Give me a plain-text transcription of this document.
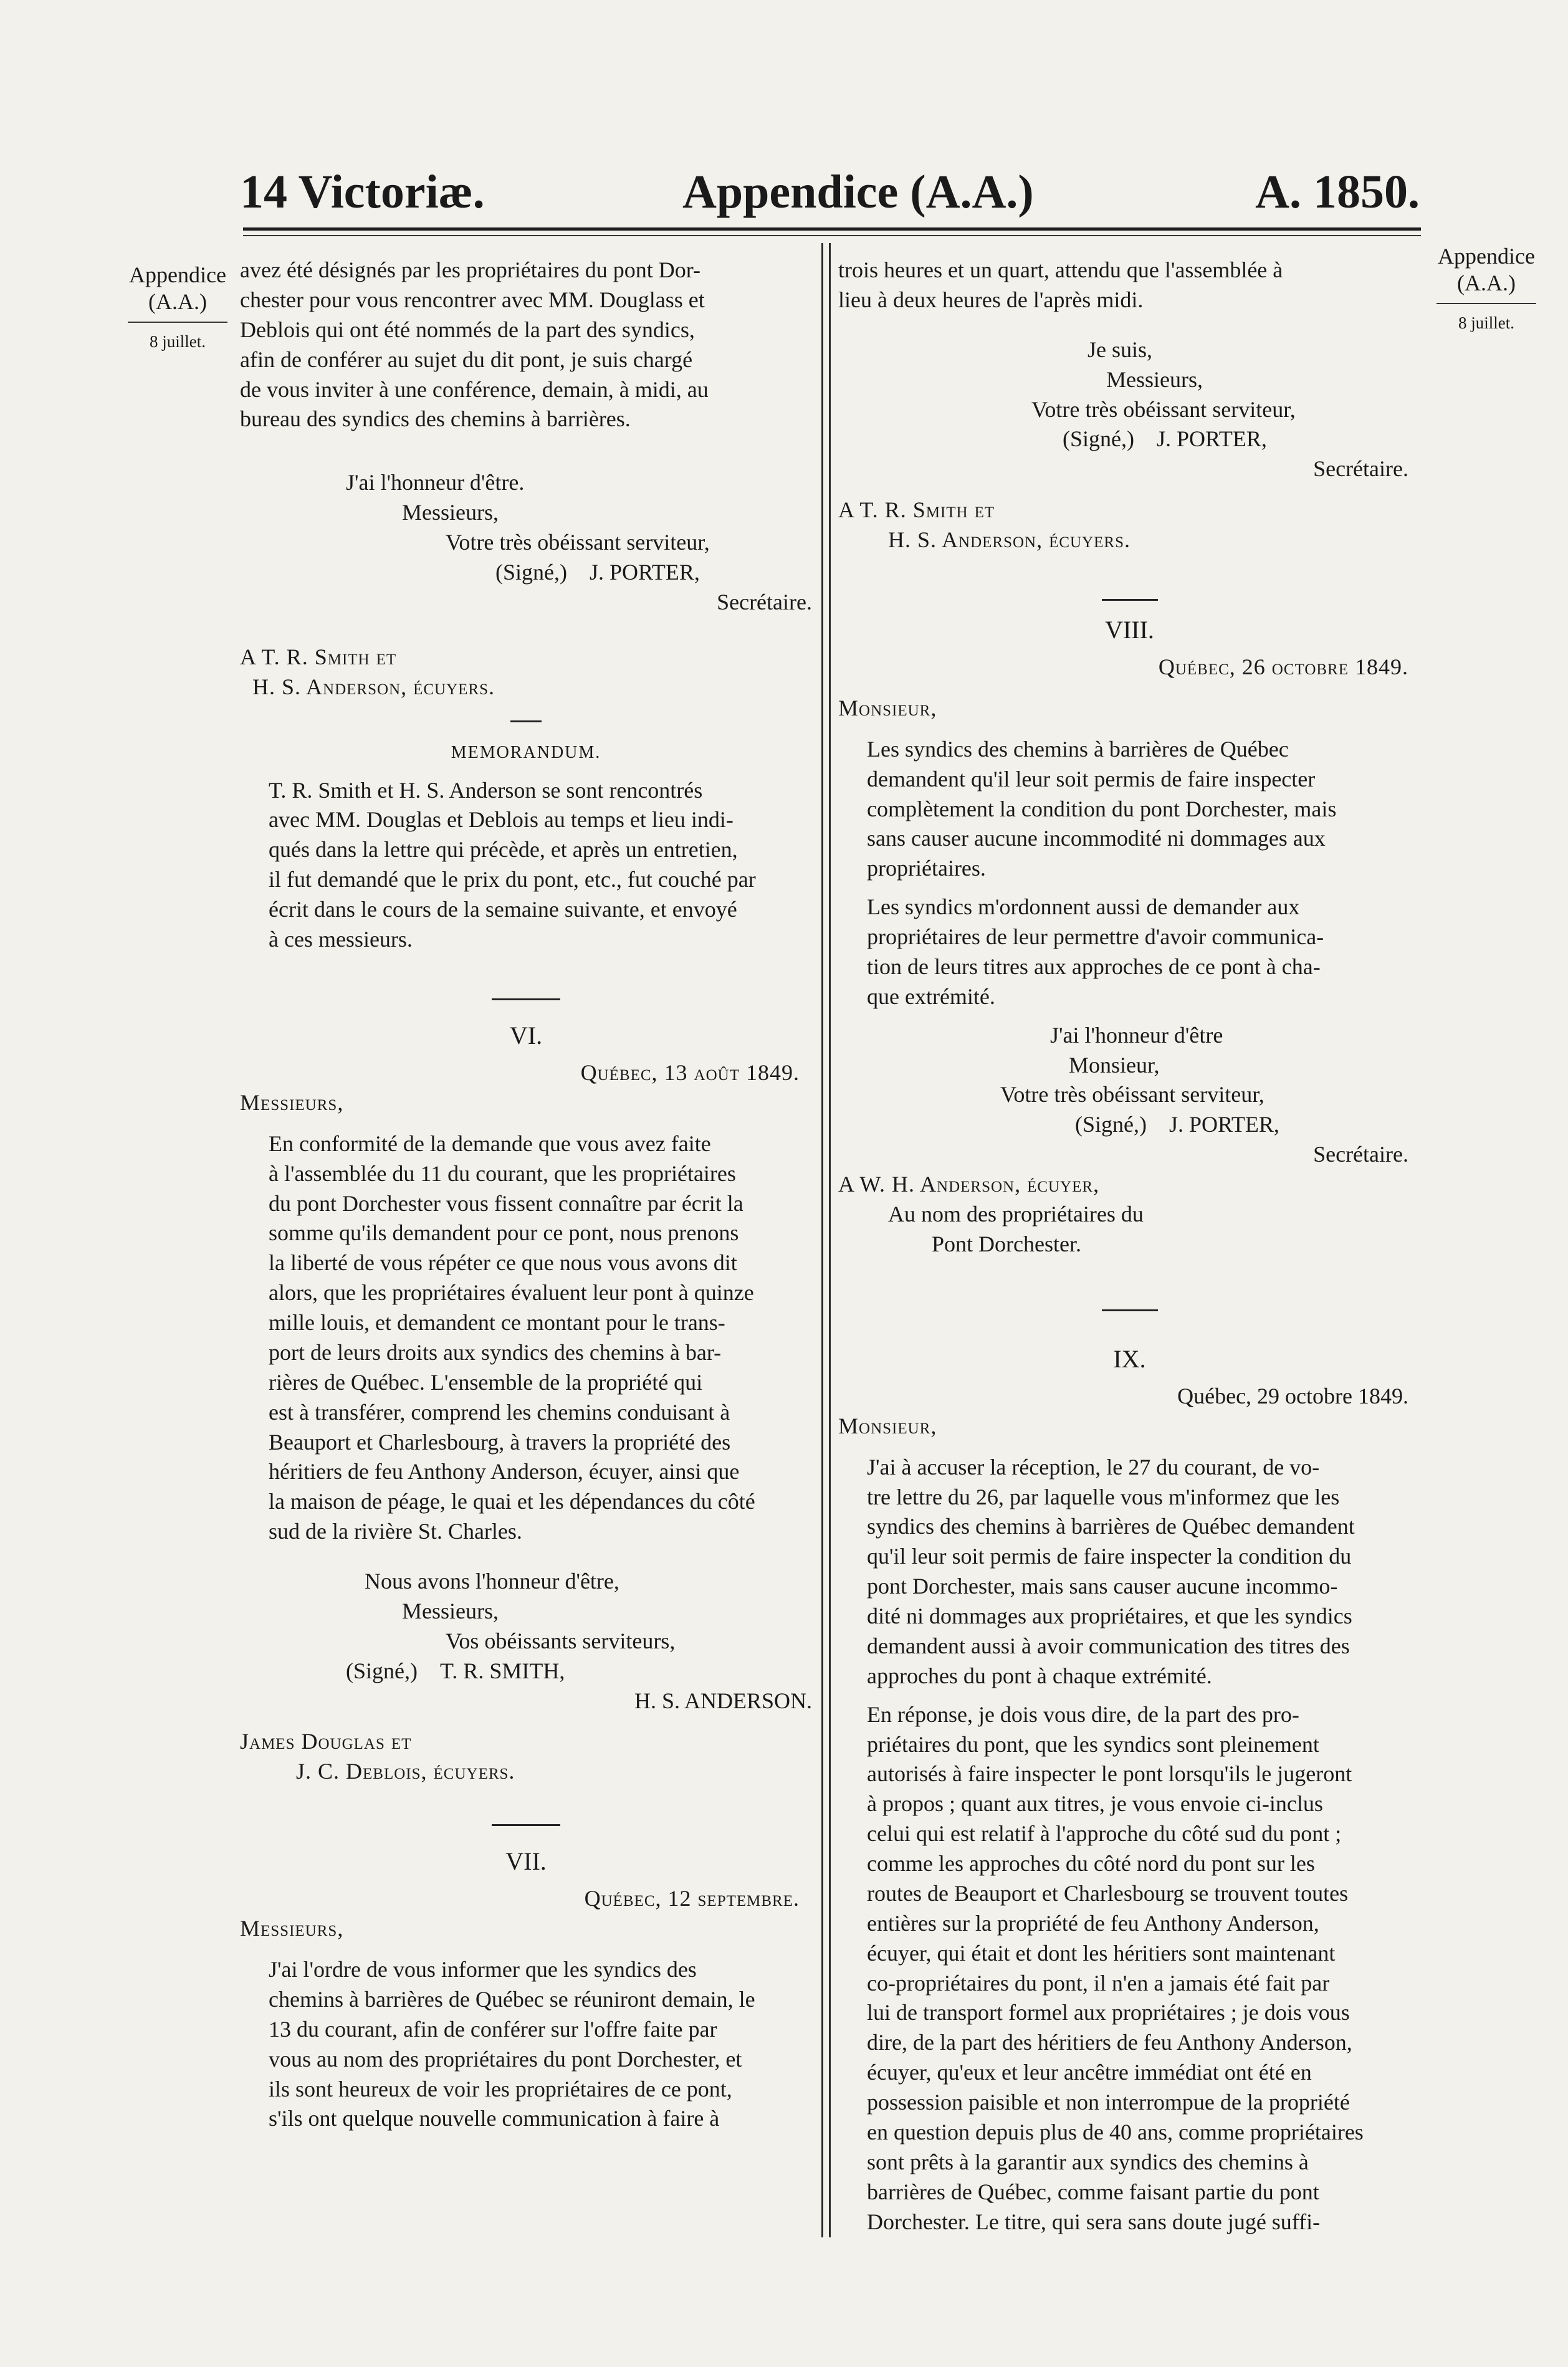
14 Victoriæ.	Appendice (A.A.)	A. 1850.
Appendice
(A.A.)
8 juillet.
Appendice
(A.A.)
8 juillet.

avez été désignés par les propriétaires du pont Dor-
chester pour vous rencontrer avec MM. Douglass et
Deblois qui ont été nommés de la part des syndics,
afin de conférer au sujet du dit pont, je suis chargé
de vous inviter à une conférence, demain, à midi, au
bureau des syndics des chemins à barrières.

J'ai l'honneur d'être.
Messieurs,
Votre très obéissant serviteur,
(Signé,) J. PORTER,
Secrétaire.
A T. R. Smith et
H. S. Anderson, écuyers.
MEMORANDUM.

T. R. Smith et H. S. Anderson se sont rencontrés
avec MM. Douglas et Deblois au temps et lieu indi-
qués dans la lettre qui précède, et après un entretien,
il fut demandé que le prix du pont, etc., fut couché par
écrit dans le cours de la semaine suivante, et envoyé
à ces messieurs.

VI.
Québec, 13 août 1849.
Messieurs,

En conformité de la demande que vous avez faite
à l'assemblée du 11 du courant, que les propriétaires
du pont Dorchester vous fissent connaître par écrit la
somme qu'ils demandent pour ce pont, nous prenons
la liberté de vous répéter ce que nous vous avons dit
alors, que les propriétaires évaluent leur pont à quinze
mille louis, et demandent ce montant pour le trans-
port de leurs droits aux syndics des chemins à bar-
rières de Québec. L'ensemble de la propriété qui
est à transférer, comprend les chemins conduisant à
Beauport et Charlesbourg, à travers la propriété des
héritiers de feu Anthony Anderson, écuyer, ainsi que
la maison de péage, le quai et les dépendances du côté
sud de la rivière St. Charles.

Nous avons l'honneur d'être,
Messieurs,
Vos obéissants serviteurs,
(Signé,) T. R. SMITH,
H. S. ANDERSON.
James Douglas et
J. C. Deblois, écuyers.
VII.
Québec, 12 septembre.
Messieurs,

J'ai l'ordre de vous informer que les syndics des
chemins à barrières de Québec se réuniront demain, le
13 du courant, afin de conférer sur l'offre faite par
vous au nom des propriétaires du pont Dorchester, et
ils sont heureux de voir les propriétaires de ce pont,
s'ils ont quelque nouvelle communication à faire à

trois heures et un quart, attendu que l'assemblée à
lieu à deux heures de l'après midi.

Je suis,
Messieurs,
Votre très obéissant serviteur,
(Signé,) J. PORTER,
Secrétaire.
A T. R. Smith et
H. S. Anderson, écuyers.
VIII.
Québec, 26 octobre 1849.
Monsieur,

Les syndics des chemins à barrières de Québec
demandent qu'il leur soit permis de faire inspecter
complètement la condition du pont Dorchester, mais
sans causer aucune incommodité ni dommages aux
propriétaires.

Les syndics m'ordonnent aussi de demander aux
propriétaires de leur permettre d'avoir communica-
tion de leurs titres aux approches de ce pont à cha-
que extrémité.

J'ai l'honneur d'être
Monsieur,
Votre très obéissant serviteur,
(Signé,) J. PORTER,
Secrétaire.
A W. H. Anderson, écuyer,
Au nom des propriétaires du
Pont Dorchester.
IX.
Québec, 29 octobre 1849.
Monsieur,

J'ai à accuser la réception, le 27 du courant, de vo-
tre lettre du 26, par laquelle vous m'informez que les
syndics des chemins à barrières de Québec demandent
qu'il leur soit permis de faire inspecter la condition du
pont Dorchester, mais sans causer aucune incommo-
dité ni dommages aux propriétaires, et que les syndics
demandent aussi à avoir communication des titres des
approches du pont à chaque extrémité.

En réponse, je dois vous dire, de la part des pro-
priétaires du pont, que les syndics sont pleinement
autorisés à faire inspecter le pont lorsqu'ils le jugeront
à propos ; quant aux titres, je vous envoie ci-inclus
celui qui est relatif à l'approche du côté sud du pont ;
comme les approches du côté nord du pont sur les
routes de Beauport et Charlesbourg se trouvent toutes
entières sur la propriété de feu Anthony Anderson,
écuyer, qui était et dont les héritiers sont maintenant
co-propriétaires du pont, il n'en a jamais été fait par
lui de transport formel aux propriétaires ; je dois vous
dire, de la part des héritiers de feu Anthony Anderson,
écuyer, qu'eux et leur ancêtre immédiat ont été en
possession paisible et non interrompue de la propriété
en question depuis plus de 40 ans, comme propriétaires
sont prêts à la garantir aux syndics des chemins à
barrières de Québec, comme faisant partie du pont
Dorchester. Le titre, qui sera sans doute jugé suffi-
